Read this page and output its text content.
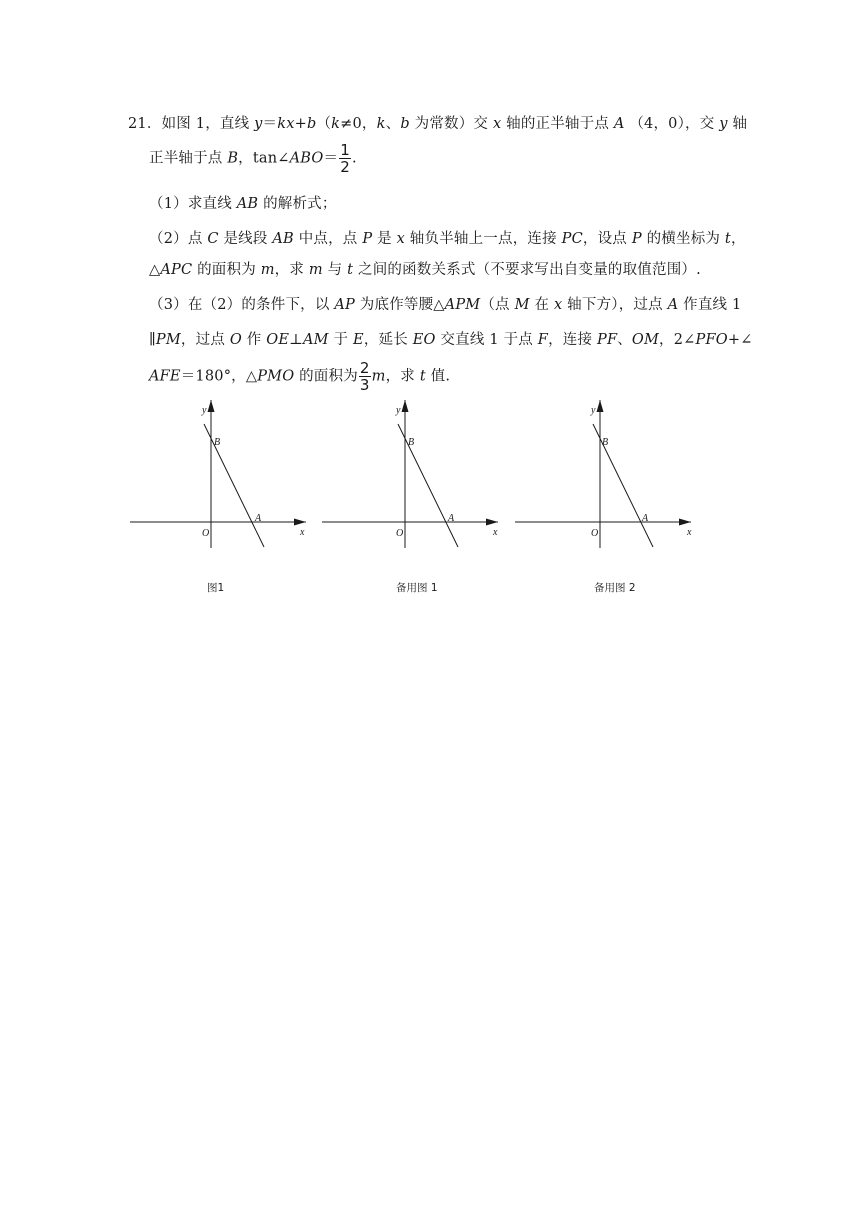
21．如图 1，直线 y＝kx+b（k≠0，k、b 为常数）交 x 轴的正半轴于点 A （4，0），交 y 轴
正半轴于点 B，tan∠ABO＝ $\frac{1}{2}$ .
（1）求直线 AB 的解析式；
（2）点 C 是线段 AB 中点，点 P 是 x 轴负半轴上一点，连接 PC，设点 P 的横坐标为 t，
△APC 的面积为 m，求 m 与 t 之间的函数关系式（不要求写出自变量的取值范围）.
（3）在（2）的条件下，以 AP 为底作等腰△APM（点 M 在 x 轴下方），过点 A 作直线 1
∥PM，过点 O 作 OE⊥AM 于 E，延长 EO 交直线 1 于点 F，连接 PF、OM，2∠PFO+∠
AFE＝180°，△PMO 的面积为 $\frac{2}{3}$ m，求 t 值.
y
x
O
A
B
图1
y
x
O
A
B
备用图 1
y
x
O
A
B
备用图 2
